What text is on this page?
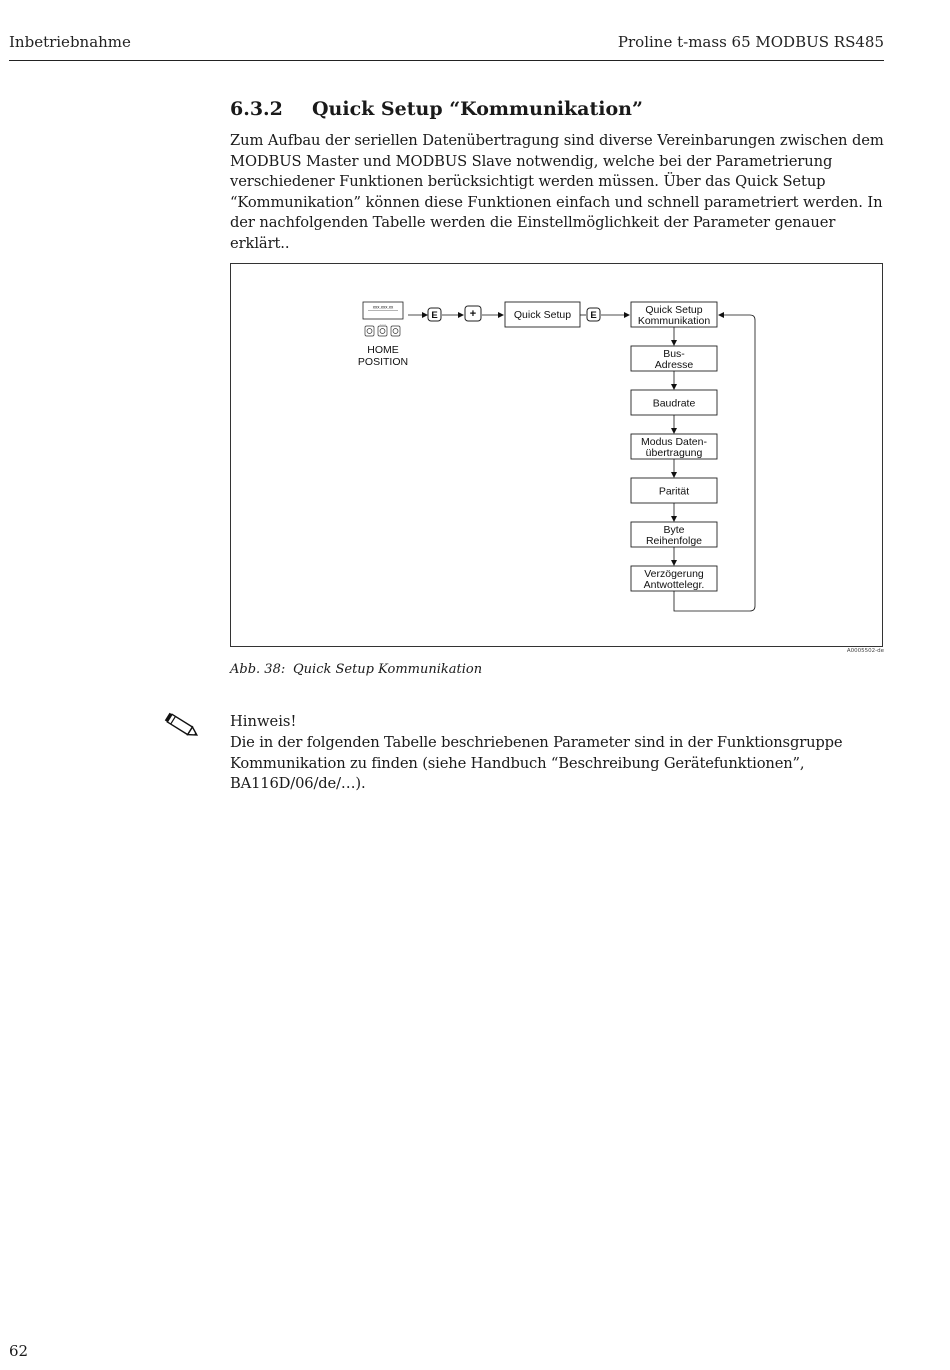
Inbetriebnahme	Proline t-mass 65 MODBUS RS485
6.3.2 Quick Setup “Kommunikation”

Zum Aufbau der seriellen Datenübertragung sind diverse Vereinbarungen zwischen dem MODBUS Master und MODBUS Slave notwendig, welche bei der Parametrierung verschiedener Funktionen berücksichtigt werden müssen. Über das Quick Setup “Kommunikation” können diese Funktionen einfach und schnell parametriert werden. In der nachfolgenden Tabelle werden die Einstellmöglichkeit der Parameter genauer erklärt..

xxx.xxx.xx
- - -
HOME
POSITION
E	+	Quick Setup E	Quick Setup
Kommunikation
Bus-
Adresse
Baudrate
Modus Daten-
übertragung
Parität
Byte
Reihenfolge
Verzögerung
Antwottelegr.
A0005502-de
Abb. 38: Quick Setup Kommunikation
Hinweis!

Die in der folgenden Tabelle beschriebenen Parameter sind in der Funktionsgruppe Kommunikation zu finden (siehe Handbuch “Beschreibung Gerätefunktionen”, BA116D/06/de/…).

62
